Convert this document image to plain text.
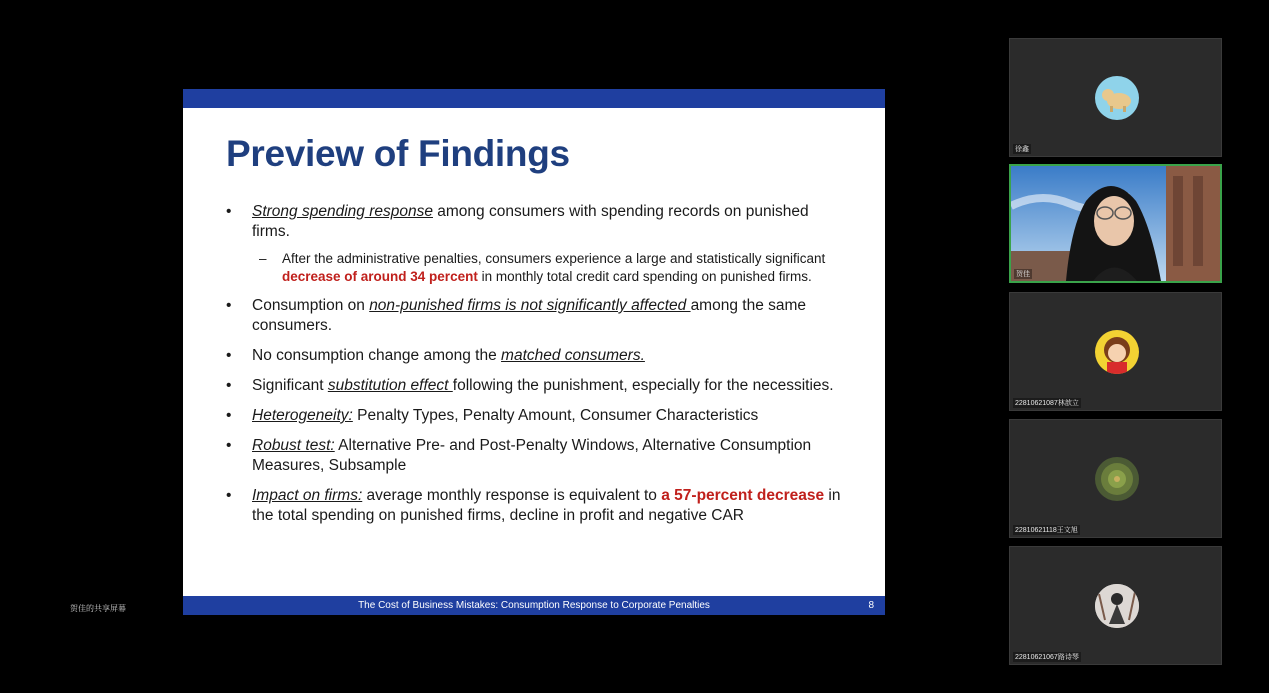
Preview of Findings
• Strong spending response among consumers with spending records on punished firms.
– After the administrative penalties, consumers experience a large and statistically significant decrease of around 34 percent in monthly total credit card spending on punished firms.
• Consumption on non-punished firms is not significantly affected among the same consumers.
• No consumption change among the matched consumers.
• Significant substitution effect following the punishment, especially for the necessities.
• Heterogeneity: Penalty Types, Penalty Amount, Consumer Characteristics
• Robust test: Alternative Pre- and Post-Penalty Windows, Alternative Consumption Measures, Subsample
• Impact on firms: average monthly response is equivalent to a 57-percent decrease in the total spending on punished firms, decline in profit and negative CAR
The Cost of Business Mistakes: Consumption Response to Corporate Penalties	8
贺佳的共享屏幕
徐鑫
贺佳
22810621087林歆立
22810621118王文旭
22810621067路诗琴
